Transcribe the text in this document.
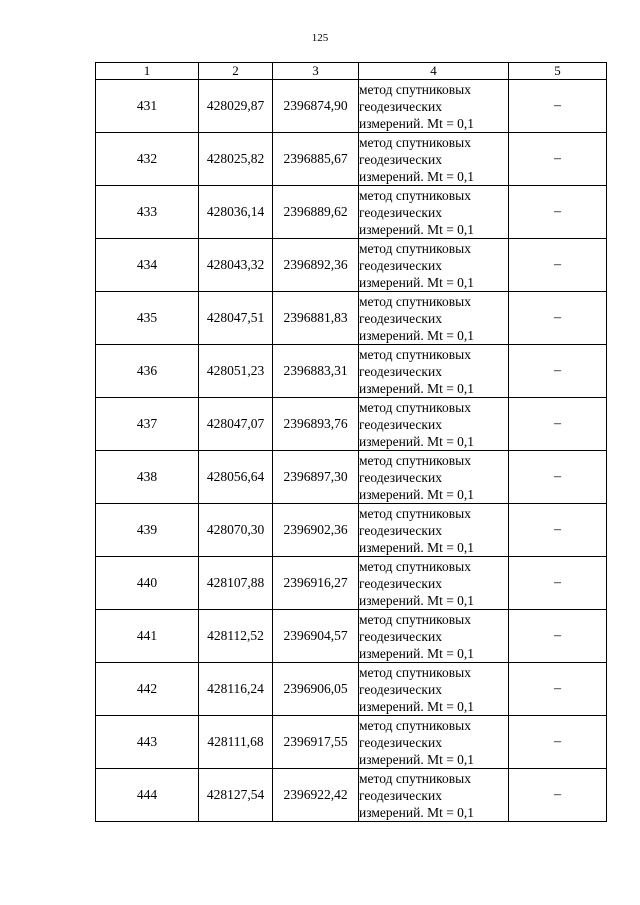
125
1	2	3	4	5
431	428029,87	2396874,90	метод спутниковых
геодезических
измерений. Mt = 0,1	–
432	428025,82	2396885,67	метод спутниковых
геодезических
измерений. Mt = 0,1	–
433	428036,14	2396889,62	метод спутниковых
геодезических
измерений. Mt = 0,1	–
434	428043,32	2396892,36	метод спутниковых
геодезических
измерений. Mt = 0,1	–
435	428047,51	2396881,83	метод спутниковых
геодезических
измерений. Mt = 0,1	–
436	428051,23	2396883,31	метод спутниковых
геодезических
измерений. Mt = 0,1	–
437	428047,07	2396893,76	метод спутниковых
геодезических
измерений. Mt = 0,1	–
438	428056,64	2396897,30	метод спутниковых
геодезических
измерений. Mt = 0,1	–
439	428070,30	2396902,36	метод спутниковых
геодезических
измерений. Mt = 0,1	–
440	428107,88	2396916,27	метод спутниковых
геодезических
измерений. Mt = 0,1	–
441	428112,52	2396904,57	метод спутниковых
геодезических
измерений. Mt = 0,1	–
442	428116,24	2396906,05	метод спутниковых
геодезических
измерений. Mt = 0,1	–
443	428111,68	2396917,55	метод спутниковых
геодезических
измерений. Mt = 0,1	–
444	428127,54	2396922,42	метод спутниковых
геодезических
измерений. Mt = 0,1	–
